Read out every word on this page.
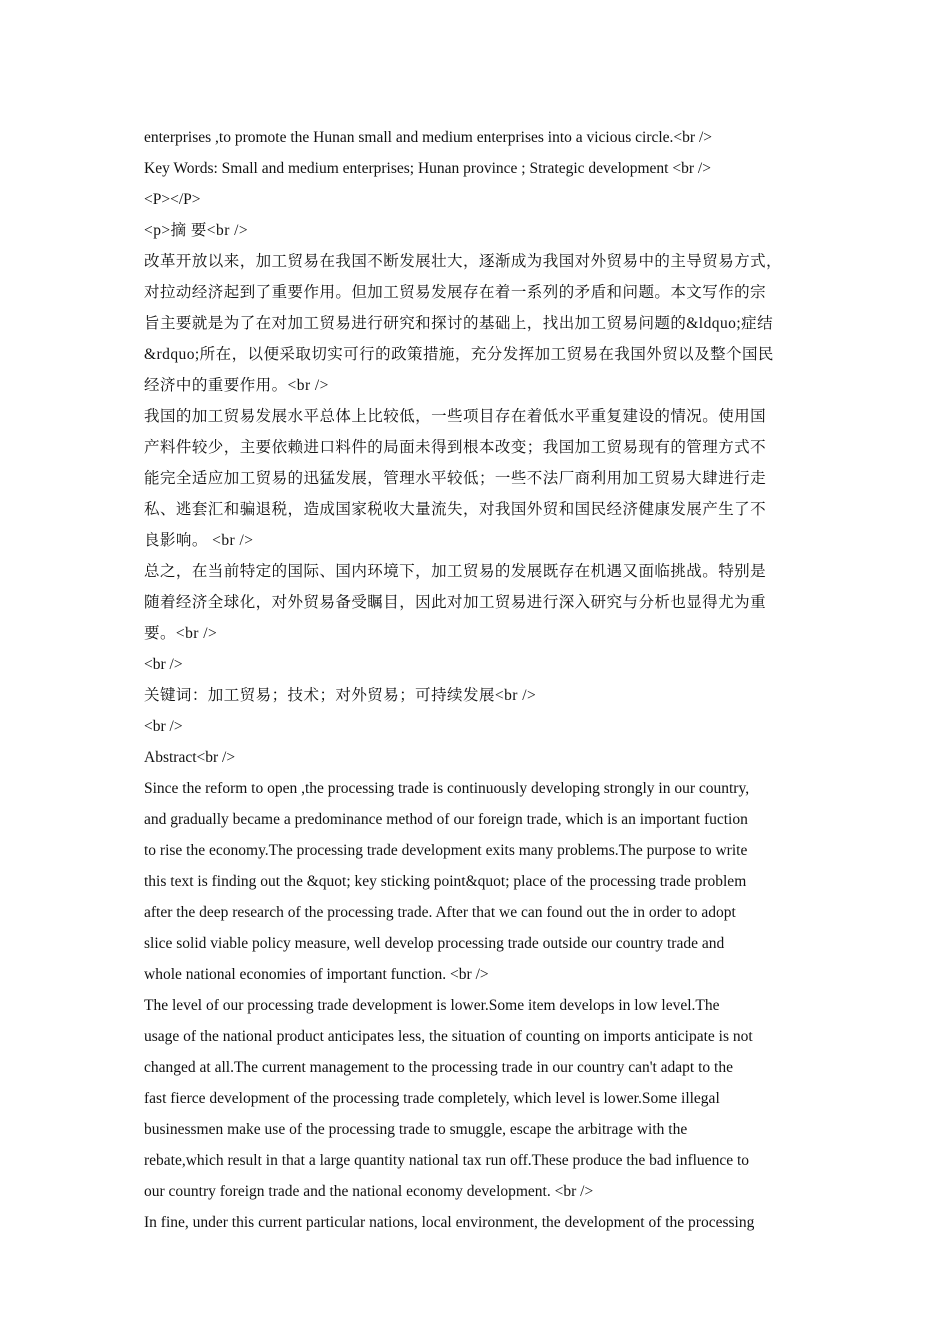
enterprises ,to promote the Hunan small and medium enterprises into a vicious circle.<br />
Key Words: Small and medium enterprises; Hunan province ; Strategic development <br />
<P></P>
<p>摘 要<br />
改革开放以来，加工贸易在我国不断发展壮大，逐渐成为我国对外贸易中的主导贸易方式，
对拉动经济起到了重要作用。但加工贸易发展存在着一系列的矛盾和问题。本文写作的宗
旨主要就是为了在对加工贸易进行研究和探讨的基础上，找出加工贸易问题的&ldquo;症结
&rdquo;所在，以便采取切实可行的政策措施，充分发挥加工贸易在我国外贸以及整个国民
经济中的重要作用。<br />
我国的加工贸易发展水平总体上比较低，一些项目存在着低水平重复建设的情况。使用国
产料件较少，主要依赖进口料件的局面未得到根本改变；我国加工贸易现有的管理方式不
能完全适应加工贸易的迅猛发展，管理水平较低；一些不法厂商利用加工贸易大肆进行走
私、逃套汇和骗退税，造成国家税收大量流失，对我国外贸和国民经济健康发展产生了不
良影响。 <br />
总之，在当前特定的国际、国内环境下，加工贸易的发展既存在机遇又面临挑战。特别是
随着经济全球化，对外贸易备受瞩目，因此对加工贸易进行深入研究与分析也显得尤为重
要。<br />
<br />
关键词：加工贸易；技术；对外贸易；可持续发展<br />
<br />
Abstract<br />
Since the reform to open ,the processing trade is continuously developing strongly in our country,
and gradually became a predominance method of our foreign trade, which is an important fuction
to rise the economy.The processing trade development exits many problems.The purpose to write
this text is finding out the &quot; key sticking point&quot; place of the processing trade problem
after the deep research of the processing trade. After that we can found out the in order to adopt
slice solid viable policy measure, well develop processing trade outside our country trade and
whole national economies of important function. <br />
The level of our processing trade development is lower.Some item develops in low level.The
usage of the national product anticipates less, the situation of counting on imports anticipate is not
changed at all.The current management to the processing trade in our country can't adapt to the
fast fierce development of the processing trade completely, which level is lower.Some illegal
businessmen make use of the processing trade to smuggle, escape the arbitrage with the
rebate,which result in that a large quantity national tax run off.These produce the bad influence to
our country foreign trade and the national economy development. <br />
In fine, under this current particular nations, local environment, the development of the processing
